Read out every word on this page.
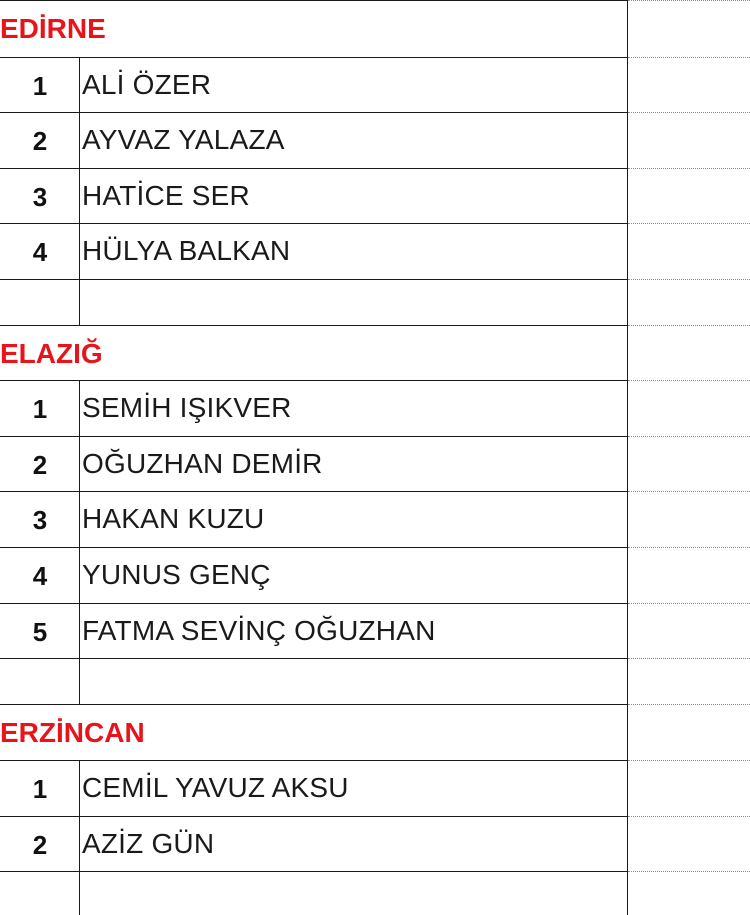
EDİRNE
1	ALİ ÖZER
2	AYVAZ YALAZA
3	HATİCE SER
4	HÜLYA BALKAN
ELAZIĞ
1	SEMİH IŞIKVER
2	OĞUZHAN DEMİR
3	HAKAN KUZU
4	YUNUS GENÇ
5	FATMA SEVİNÇ OĞUZHAN
ERZİNCAN
1	CEMİL YAVUZ AKSU
2	AZİZ GÜN
